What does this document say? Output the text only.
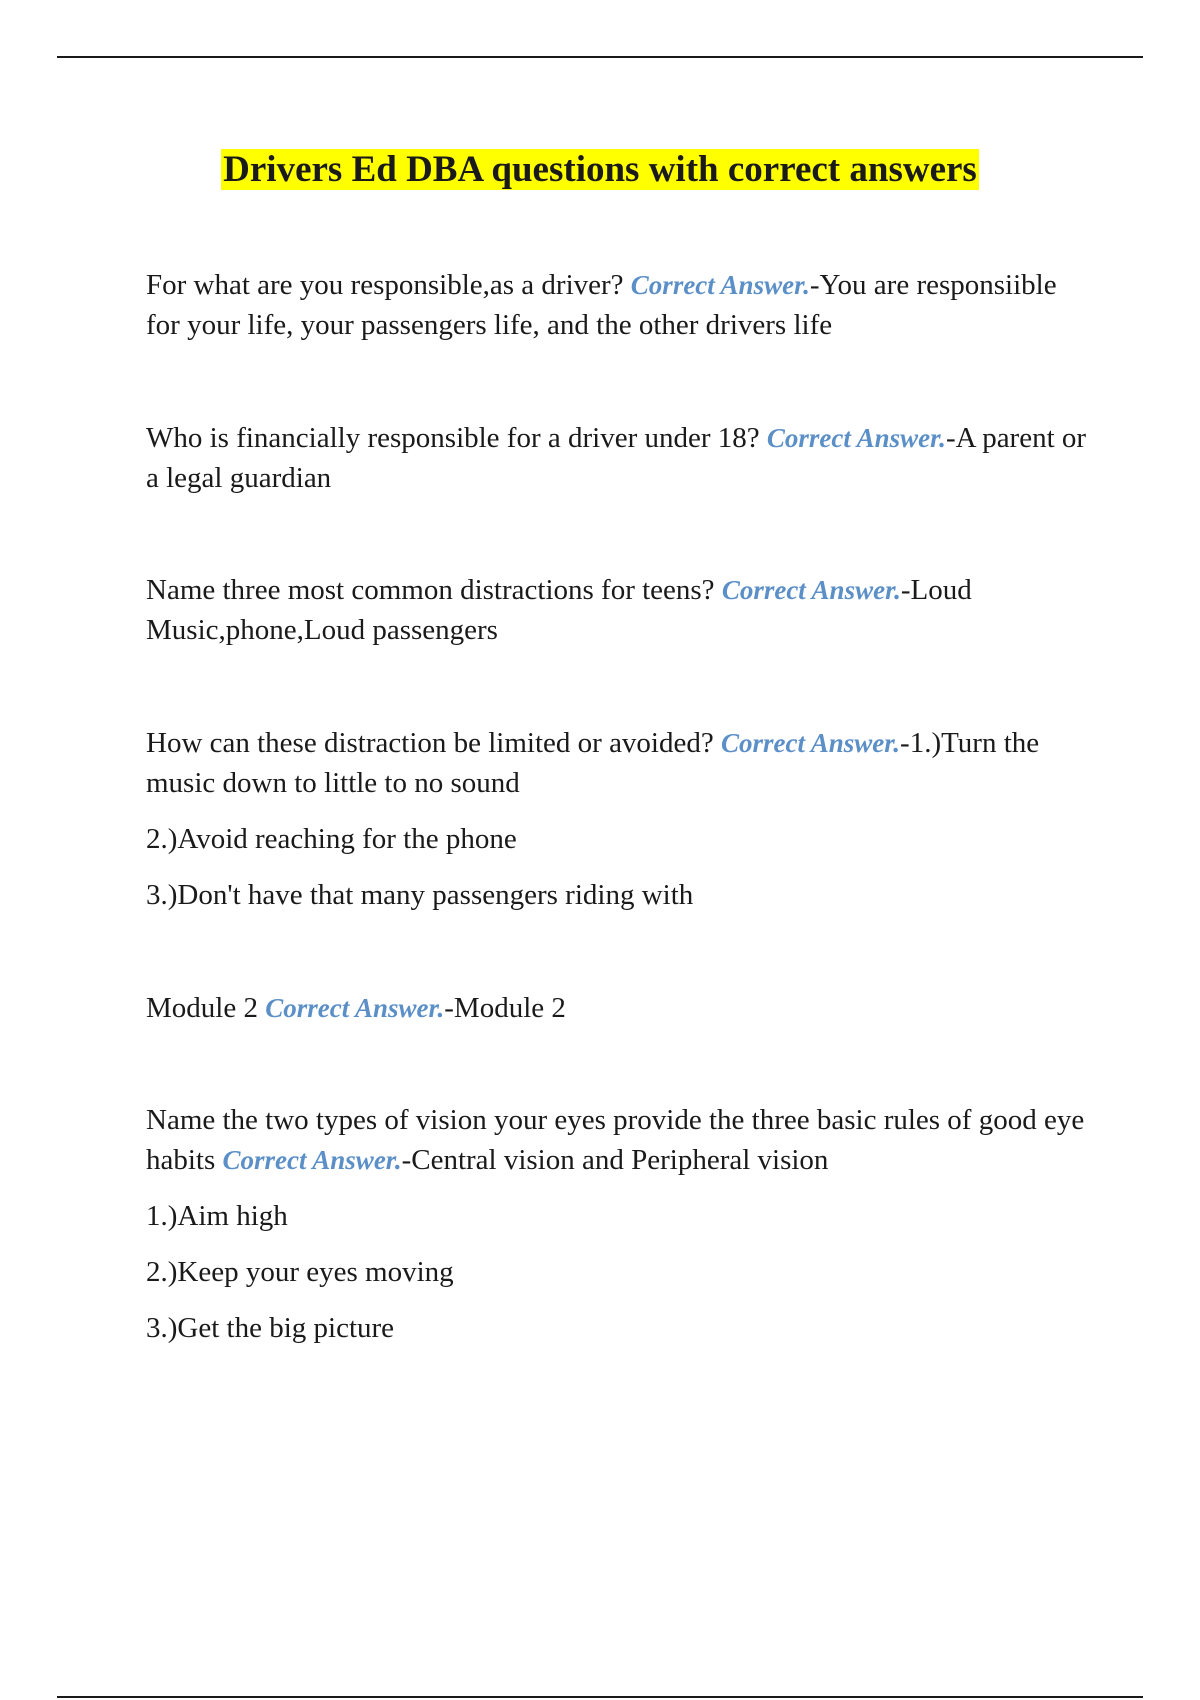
Drivers Ed DBA questions with correct answers

For what are you responsible,as a driver? Correct Answer.-You are responsiible for your life, your passengers life, and the other drivers life

Who is financially responsible for a driver under 18? Correct Answer.-A parent or a legal guardian

Name three most common distractions for teens? Correct Answer.-Loud Music,phone,Loud passengers

How can these distraction be limited or avoided? Correct Answer.-1.)Turn the music down to little to no sound

2.)Avoid reaching for the phone

3.)Don't have that many passengers riding with

Module 2 Correct Answer.-Module 2

Name the two types of vision your eyes provide the three basic rules of good eye habits Correct Answer.-Central vision and Peripheral vision

1.)Aim high

2.)Keep your eyes moving

3.)Get the big picture
